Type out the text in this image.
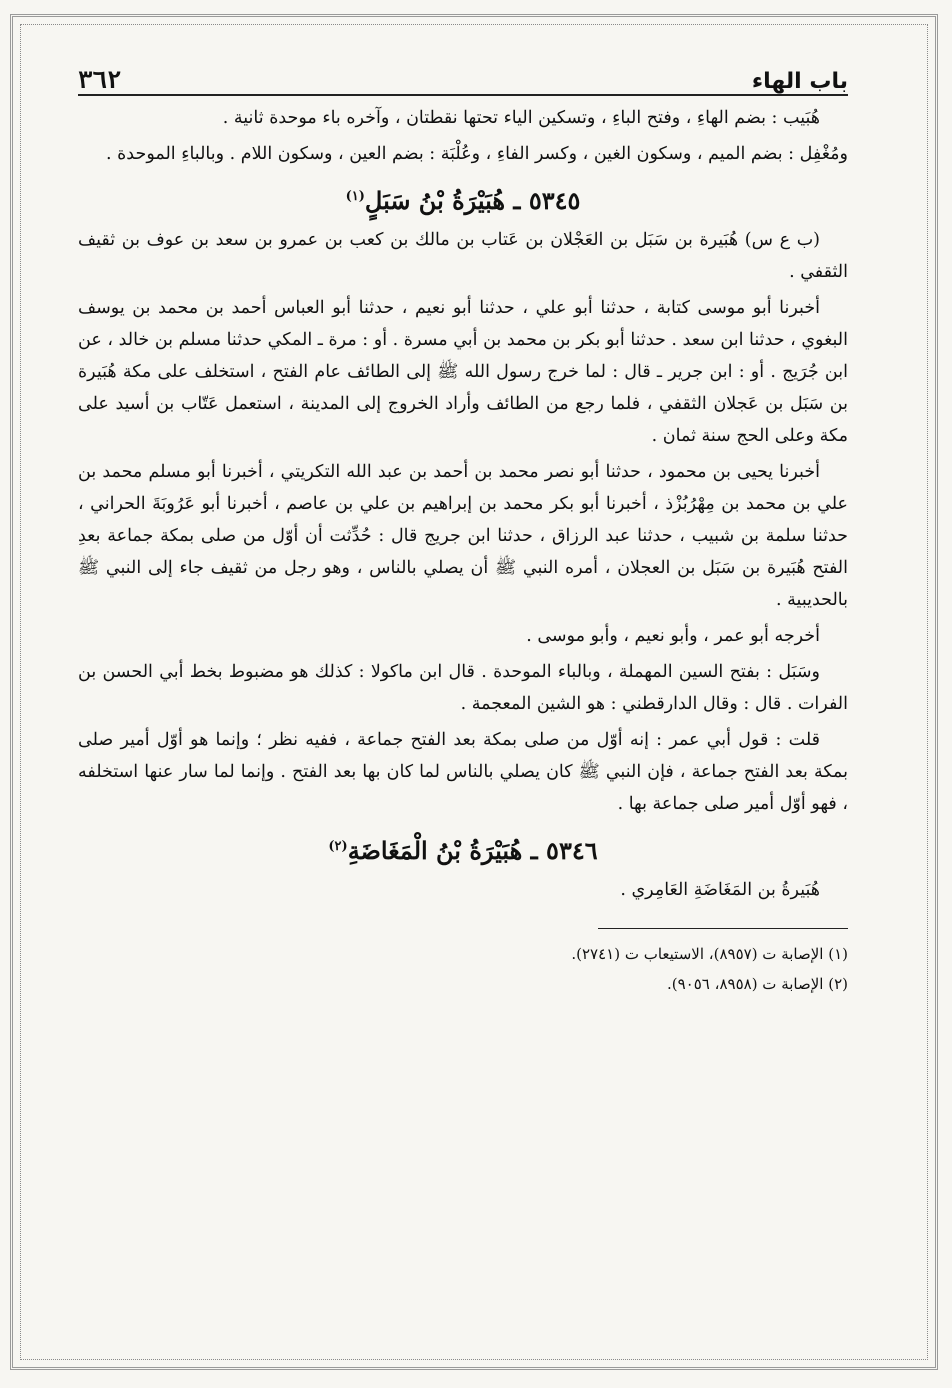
باب الهاء
٣٦٢

هُبَيب : بضم الهاءِ ، وفتح الباءِ ، وتسكين الياء تحتها نقطتان ، وآخره باء موحدة ثانية .

ومُغْفِل : بضم الميم ، وسكون الغين ، وكسر الفاءِ ، وعُلْبَة : بضم العين ، وسكون اللام . وبالباءِ الموحدة .

٥٣٤٥ ـ هُبَيْرَةُ بْنُ سَبَلٍ$^{(١)}$

(ب ع س) هُبَيرة بن سَبَل بن العَجْلان بن عَتاب بن مالك بن كعب بن عمرو بن سعد بن عوف بن ثقيف الثقفي .

أخبرنا أبو موسى كتابة ، حدثنا أبو علي ، حدثنا أبو نعيم ، حدثنا أبو العباس أحمد بن محمد بن يوسف البغوي ، حدثنا ابن سعد . حدثنا أبو بكر بن محمد بن أبي مسرة . أو : مرة ـ المكي حدثنا مسلم بن خالد ، عن ابن جُرَيج . أو : ابن جرير ـ قال : لما خرج رسول الله ﷺ إلى الطائف عام الفتح ، استخلف على مكة هُبَيرة بن سَبَل بن عَجلان الثقفي ، فلما رجع من الطائف وأراد الخروج إلى المدينة ، استعمل عَتّاب بن أسيد على مكة وعلى الحج سنة ثمان .

أخبرنا يحيى بن محمود ، حدثنا أبو نصر محمد بن أحمد بن عبد الله التكريتي ، أخبرنا أبو مسلم محمد بن علي بن محمد بن مِهْرُبُزْذ ، أخبرنا أبو بكر محمد بن إبراهيم بن علي بن عاصم ، أخبرنا أبو عَرُوبَةَ الحراني ، حدثنا سلمة بن شبيب ، حدثنا عبد الرزاق ، حدثنا ابن جريج قال : حُدِّثت أن أوّل من صلى بمكة جماعة بعدِ الفتح هُبَيرة بن سَبَل بن العجلان ، أمره النبي ﷺ أن يصلي بالناس ، وهو رجل من ثقيف جاء إلى النبي ﷺ بالحديبية .

أخرجه أبو عمر ، وأبو نعيم ، وأبو موسى .

وسَبَل : بفتح السين المهملة ، وبالباء الموحدة . قال ابن ماكولا : كذلك هو مضبوط بخط أبي الحسن بن الفرات . قال : وقال الدارقطني : هو الشين المعجمة .

قلت : قول أبي عمر : إنه أوّل من صلى بمكة بعد الفتح جماعة ، ففيه نظر ؛ وإنما هو أوّل أمير صلى بمكة بعد الفتح جماعة ، فإن النبي ﷺ كان يصلي بالناس لما كان بها بعد الفتح . وإنما لما سار عنها استخلفه ، فهو أوّل أمير صلى جماعة بها .

٥٣٤٦ ـ هُبَيْرَةُ بْنُ الْمَغَاضَةِ$^{(٢)}$

هُبَيرةُ بن المَغَاضَةِ العَامِري .

(١) الإصابة ت (٨٩٥٧)، الاستيعاب ت (٢٧٤١).
(٢) الإصابة ت (٨٩٥٨، ٩٠٥٦).
